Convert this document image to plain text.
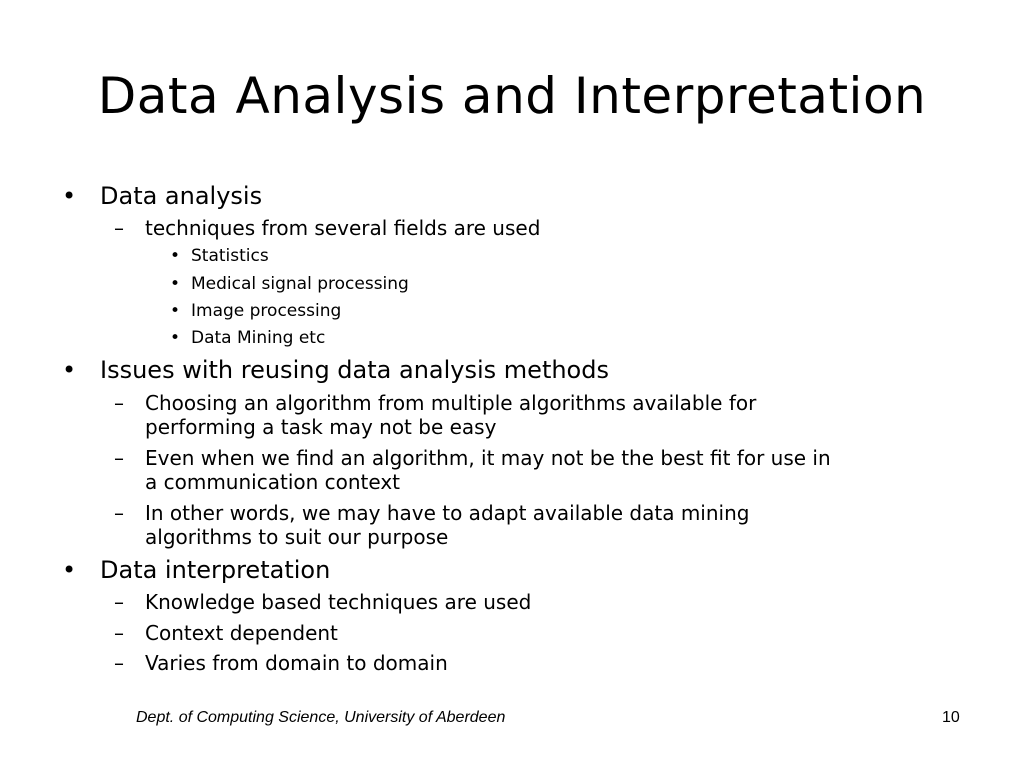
Data Analysis and Interpretation
• Data analysis
– techniques from several fields are used
• Statistics
• Medical signal processing
• Image processing
• Data Mining etc
• Issues with reusing data analysis methods
– Choosing an algorithm from multiple algorithms available for
performing a task may not be easy
– Even when we find an algorithm, it may not be the best fit for use in
a communication context
– In other words, we may have to adapt available data mining
algorithms to suit our purpose
• Data interpretation
– Knowledge based techniques are used
– Context dependent
– Varies from domain to domain
Dept. of Computing Science, University of Aberdeen	10
